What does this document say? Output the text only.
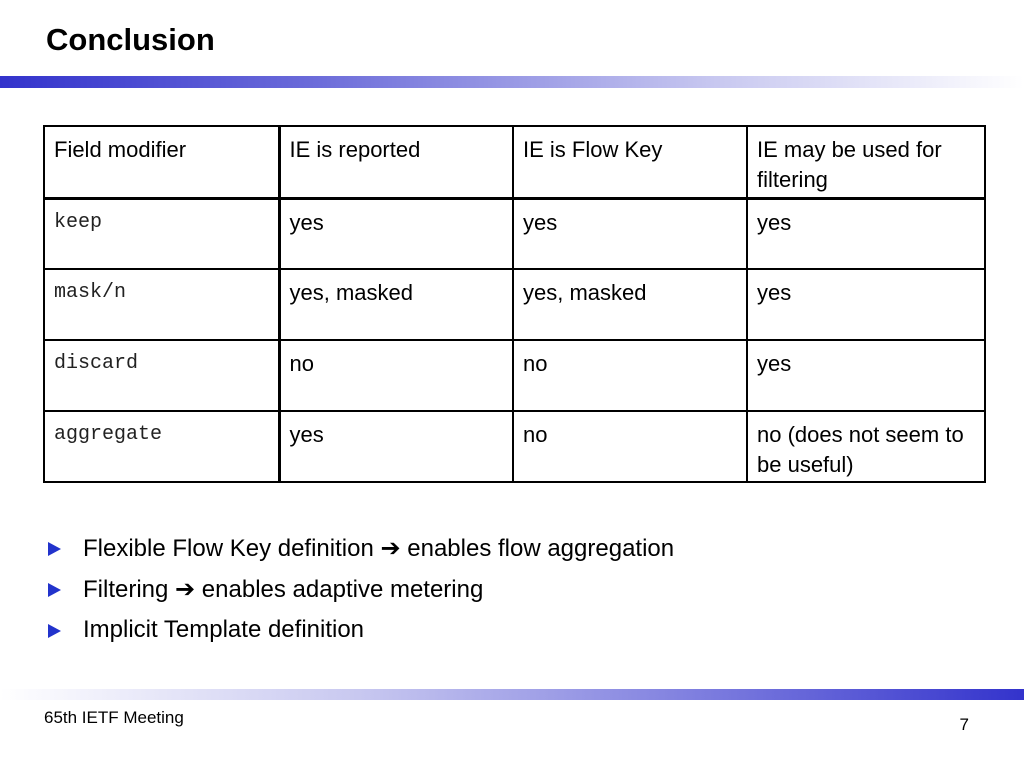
Conclusion
Field modifier	IE is reported	IE is Flow Key	IE may be used for filtering
keep	yes	yes	yes
mask/n	yes, masked	yes, masked	yes
discard	no	no	yes
aggregate	yes	no	no (does not seem to be useful)
Flexible Flow Key definition ➔ enables flow aggregation
Filtering ➔ enables adaptive metering
Implicit Template definition
65th IETF Meeting	7
